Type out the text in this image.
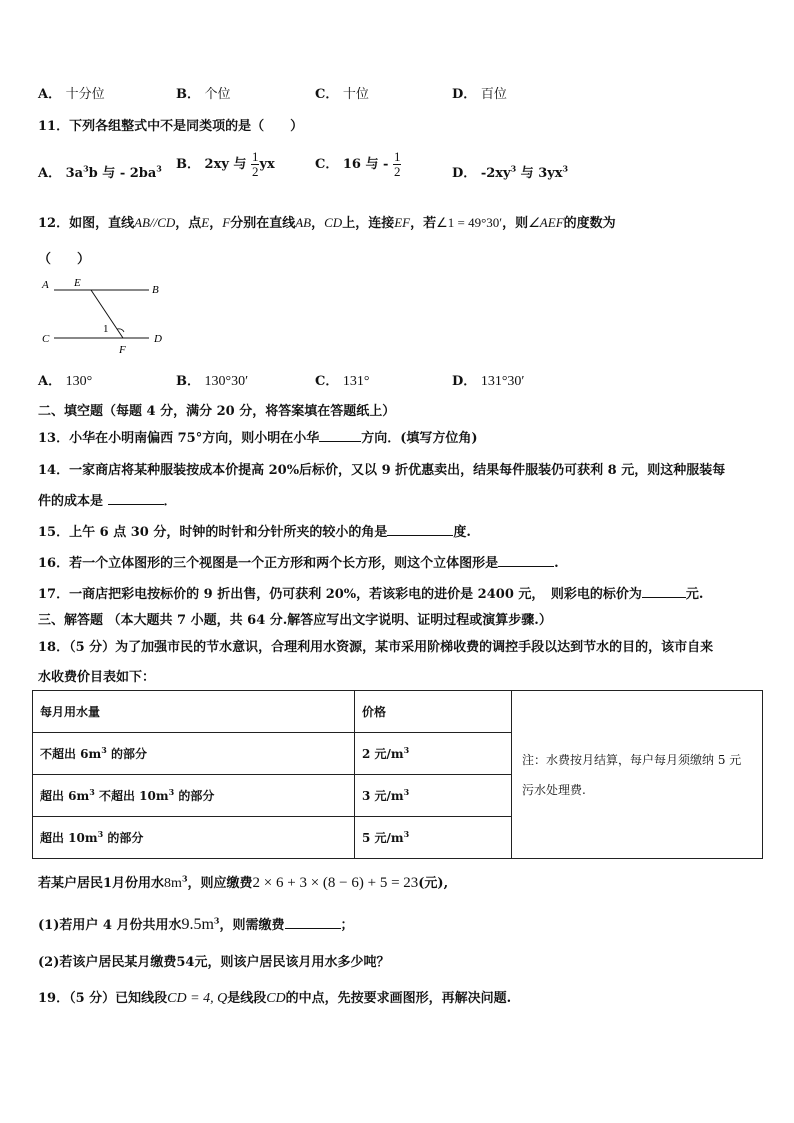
A． 十分位	B． 个位	C． 十位	D． 百位
11．下列各组整式中不是同类项的是（　　）
A． $3a^3b$ 与 - $2ba^3$ B． 2xy 与 $\frac{1}{2}$ yx	C． 16 与 - $\frac{1}{2}$	D． $-2xy^3$ 与 $3yx^3$
12．如图，直线AB//CD，点E，F分别在直线AB，CD上，连接EF，若∠1 = 49°30′，则∠AEF的度数为
（　　）
A E
B
C
1
D
F
A． 130°	B． 130°30′	C． 131°	D． 131°30′
二、填空题（每题 4 分，满分 20 分，将答案填在答题纸上）
13．小华在小明南偏西 75°方向，则小明在小华	方向．(填写方位角)
14．一家商店将某种服装按成本价提高 20%后标价，又以 9 折优惠卖出，结果每件服装仍可获利 8 元，则这种服装每
件的成本是	．
15．上午 6 点 30 分，时钟的时针和分针所夹的较小的角是	度.
16．若一个立体图形的三个视图是一个正方形和两个长方形，则这个立体图形是	.
17．一商店把彩电按标价的 9 折出售，仍可获利 20%，若该彩电的进价是 2400 元，　则彩电的标价为	元.
三、解答题 （本大题共 7 小题，共 64 分.解答应写出文字说明、证明过程或演算步骤.）
18．（5 分）为了加强市民的节水意识，合理利用水资源，某市采用阶梯收费的调控手段以达到节水的目的，该市自来
水收费价目表如下：
每月用水量	价格	注：水费按月结算，每户每月须缴纳 5 元污水处理费.
不超出 $6m^3$ 的部分	2 元$/m^3$
超出 $6m^3$ 不超出 $10m^3$ 的部分	3 元$/m^3$
超出 $10m^3$ 的部分	5 元$/m^3$
若某户居民1月份用水$8m^3$，则应缴费2 × 6 + 3 × (8 − 6) + 5 = 23(元),
(1)若用户 4 月份共用水$9.5m^3$，则需缴费	；
(2)若该户居民某月缴费54元，则该户居民该月用水多少吨？
19．（5 分）已知线段CD = 4, Q是线段CD的中点，先按要求画图形，再解决问题.
